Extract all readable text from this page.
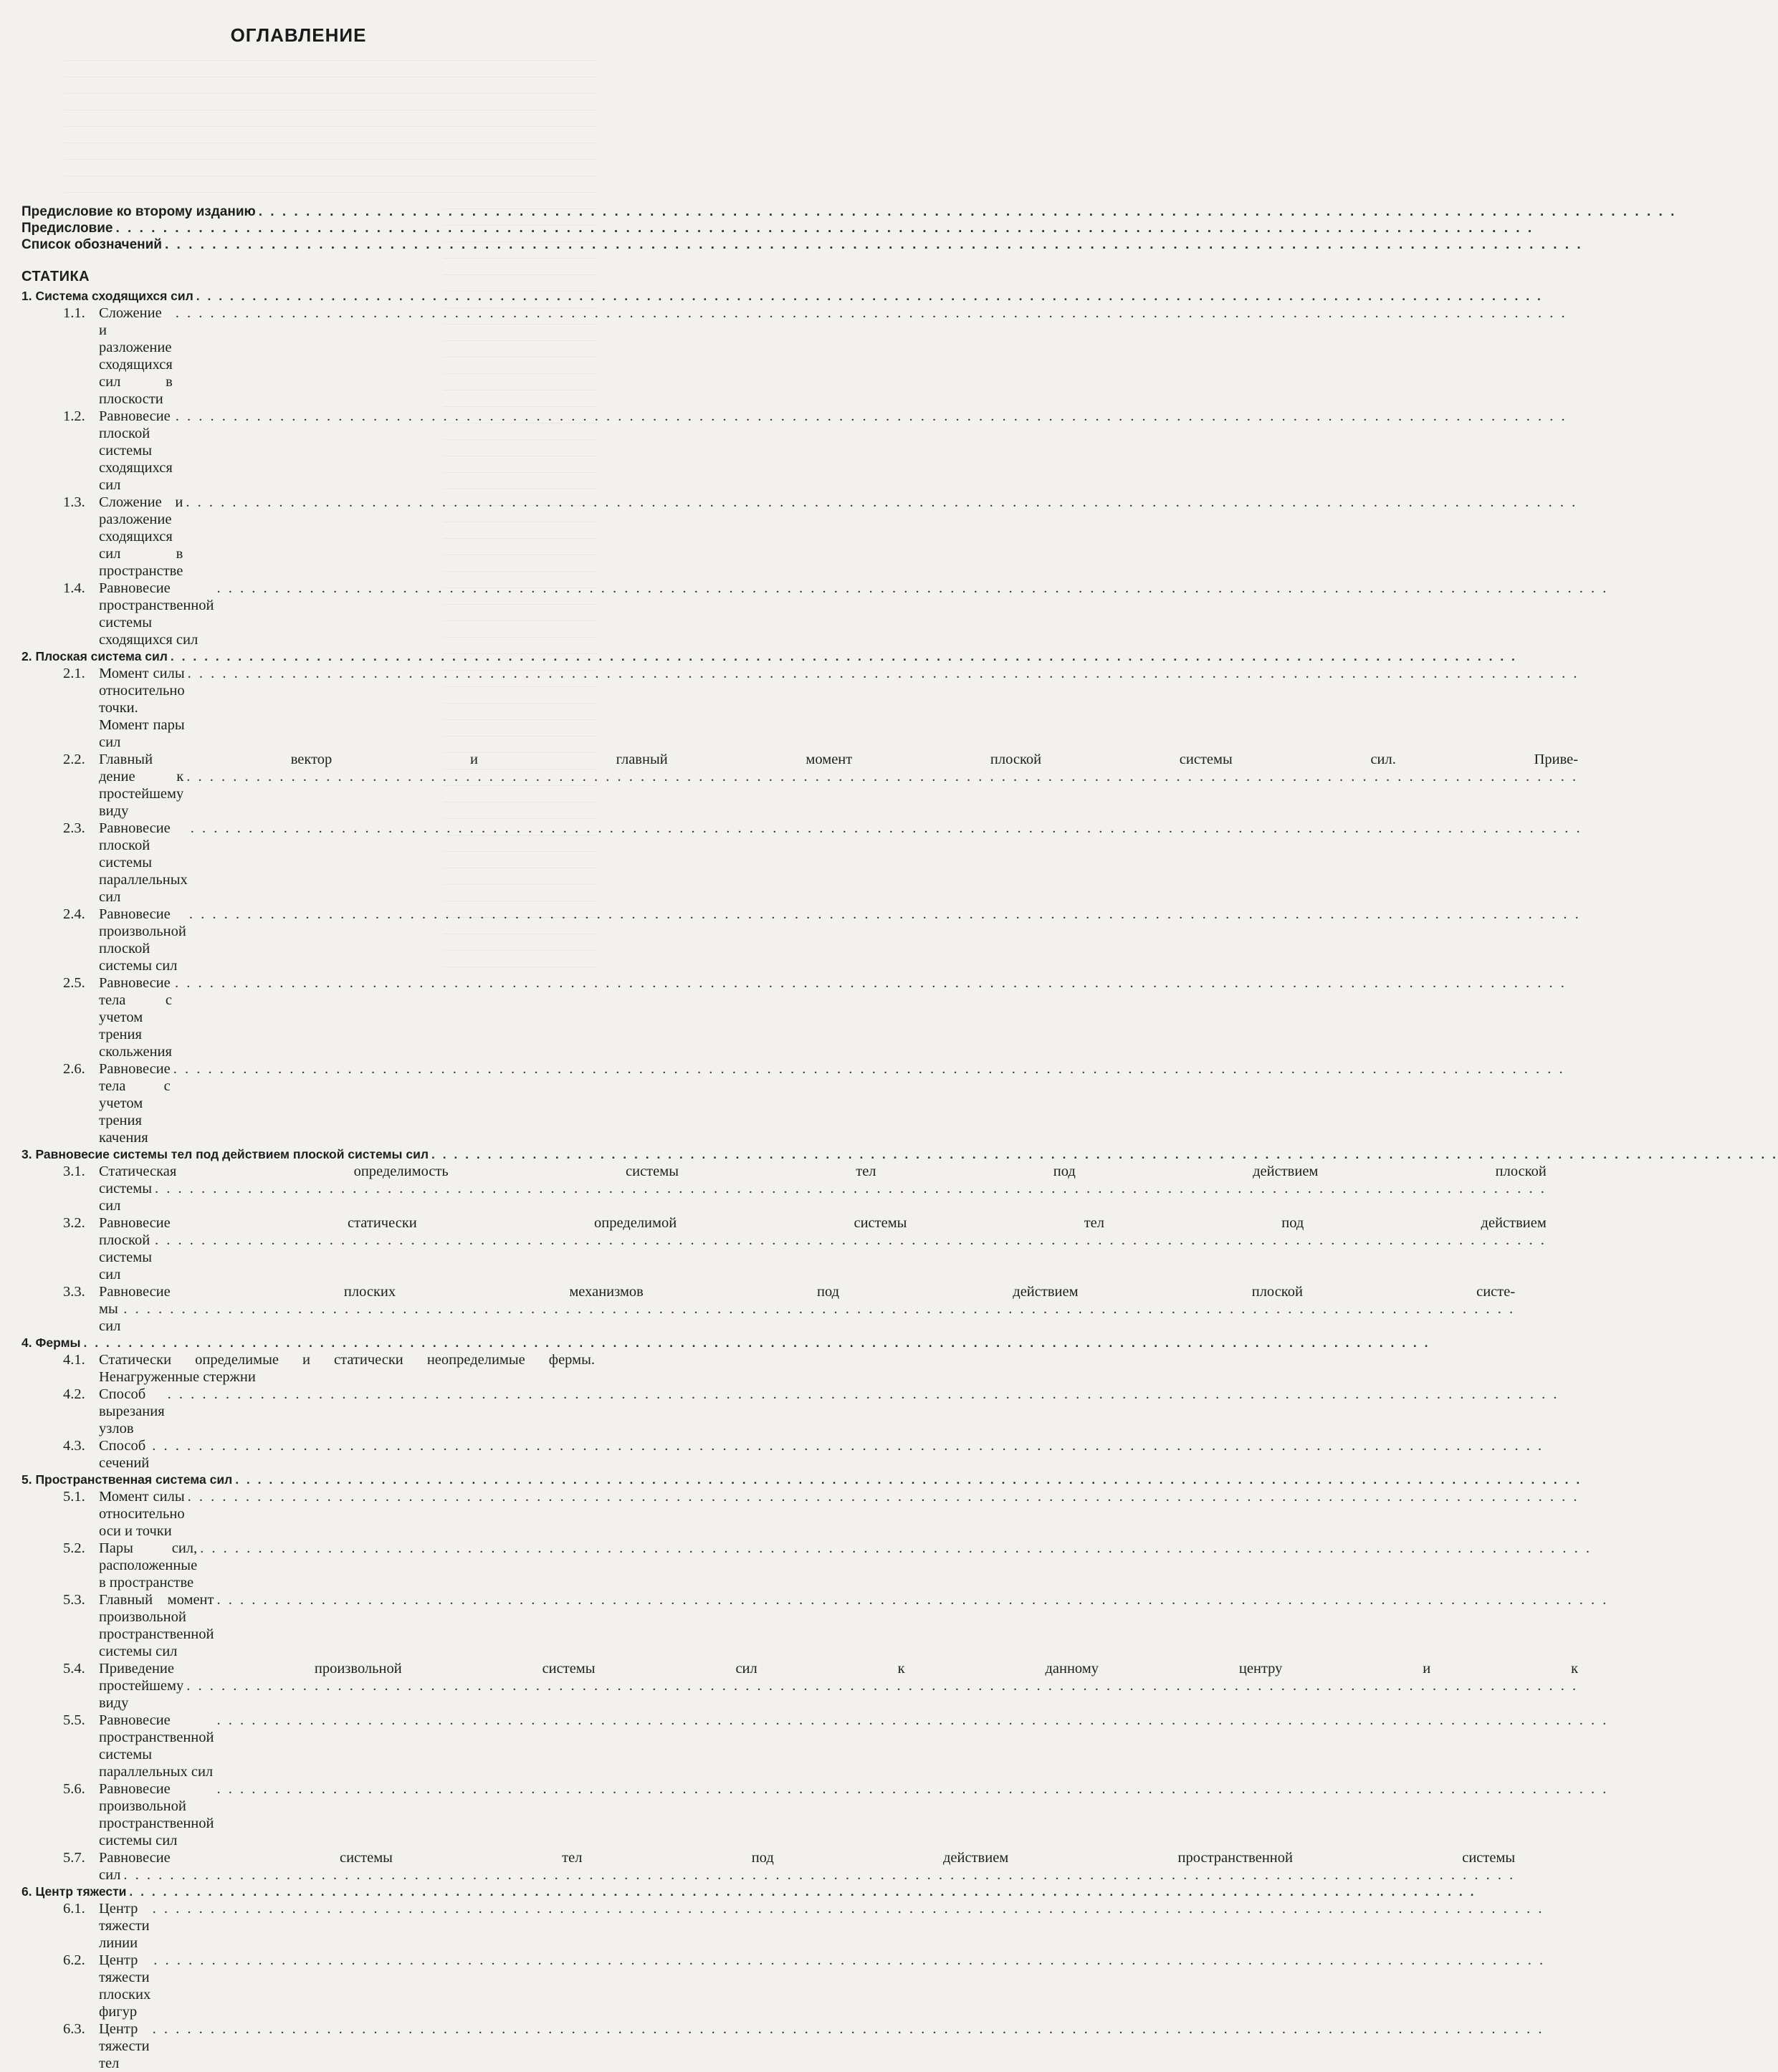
ОГЛАВЛЕНИЕ
Предисловие ко второму изданию . . . . . . . . . . . . . . . . . . . . . . . . . . . . . . . . . . . . . . . . . . . . . . . . . . . . . . . . . . . . . . . . . . . . . . . . . . . . . . . . . . . . . . . . . . . . . . . . . . . . . . . . . . . . . . . . . . . . . . . .
Предисловие . . . . . . . . . . . . . . . . . . . . . . . . . . . . . . . . . . . . . . . . . . . . . . . . . . . . . . . . . . . . . . . . . . . . . . . . . . . . . . . . . . . . . . . . . . . . . . . . . . . . . . . . . . . . . . . . . . . . . . . .
Список обозначений . . . . . . . . . . . . . . . . . . . . . . . . . . . . . . . . . . . . . . . . . . . . . . . . . . . . . . . . . . . . . . . . . . . . . . . . . . . . . . . . . . . . . . . . . . . . . . . . . . . . . . . . . . . . . . . . . . . . . . . .
СТАТИКА
1. Система сходящихся сил . . . . . . . . . . . . . . . . . . . . . . . . . . . . . . . . . . . . . . . . . . . . . . . . . . . . . . . . . . . . . . . . . . . . . . . . . . . . . . . . . . . . . . . . . . . . . . . . . . . . . . . . . . . . . . . . . . . . . . . .
1.1. Сложение и разложение сходящихся сил в плоскости
. . . . . . . . . . . . . . . . . . . . . . . . . . . . . . . . . . . . . . . . . . . . . . . . . . . . . . . . . . . . . . . . . . . . . . . . . . . . . . . . . . . . . . . . . . . . . . . . . . . . . . . . . . . . . . . . . . . . . . . .
1.2. Равновесие плоской системы сходящихся сил
. . . . . . . . . . . . . . . . . . . . . . . . . . . . . . . . . . . . . . . . . . . . . . . . . . . . . . . . . . . . . . . . . . . . . . . . . . . . . . . . . . . . . . . . . . . . . . . . . . . . . . . . . . . . . . . . . . . . . . . .
1.3. Сложение и разложение сходящихся сил в пространстве
. . . . . . . . . . . . . . . . . . . . . . . . . . . . . . . . . . . . . . . . . . . . . . . . . . . . . . . . . . . . . . . . . . . . . . . . . . . . . . . . . . . . . . . . . . . . . . . . . . . . . . . . . . . . . . . . . . . . . . . .
1.4. Равновесие пространственной системы сходящихся сил
. . . . . . . . . . . . . . . . . . . . . . . . . . . . . . . . . . . . . . . . . . . . . . . . . . . . . . . . . . . . . . . . . . . . . . . . . . . . . . . . . . . . . . . . . . . . . . . . . . . . . . . . . . . . . . . . . . . . . . . .
2. Плоская система сил . . . . . . . . . . . . . . . . . . . . . . . . . . . . . . . . . . . . . . . . . . . . . . . . . . . . . . . . . . . . . . . . . . . . . . . . . . . . . . . . . . . . . . . . . . . . . . . . . . . . . . . . . . . . . . . . . . . . . . . .
2.1. Момент силы относительно точки. Момент пары сил
. . . . . . . . . . . . . . . . . . . . . . . . . . . . . . . . . . . . . . . . . . . . . . . . . . . . . . . . . . . . . . . . . . . . . . . . . . . . . . . . . . . . . . . . . . . . . . . . . . . . . . . . . . . . . . . . . . . . . . . .
2.2. Главный вектор и главный момент плоской системы сил. Приве-
дение к простейшему виду
. . . . . . . . . . . . . . . . . . . . . . . . . . . . . . . . . . . . . . . . . . . . . . . . . . . . . . . . . . . . . . . . . . . . . . . . . . . . . . . . . . . . . . . . . . . . . . . . . . . . . . . . . . . . . . . . . . . . . . . .
2.3. Равновесие плоской системы параллельных сил
. . . . . . . . . . . . . . . . . . . . . . . . . . . . . . . . . . . . . . . . . . . . . . . . . . . . . . . . . . . . . . . . . . . . . . . . . . . . . . . . . . . . . . . . . . . . . . . . . . . . . . . . . . . . . . . . . . . . . . . .
2.4. Равновесие произвольной плоской системы сил
. . . . . . . . . . . . . . . . . . . . . . . . . . . . . . . . . . . . . . . . . . . . . . . . . . . . . . . . . . . . . . . . . . . . . . . . . . . . . . . . . . . . . . . . . . . . . . . . . . . . . . . . . . . . . . . . . . . . . . . .
2.5. Равновесие тела с учетом трения скольжения
. . . . . . . . . . . . . . . . . . . . . . . . . . . . . . . . . . . . . . . . . . . . . . . . . . . . . . . . . . . . . . . . . . . . . . . . . . . . . . . . . . . . . . . . . . . . . . . . . . . . . . . . . . . . . . . . . . . . . . . .
2.6. Равновесие тела с учетом трения качения
. . . . . . . . . . . . . . . . . . . . . . . . . . . . . . . . . . . . . . . . . . . . . . . . . . . . . . . . . . . . . . . . . . . . . . . . . . . . . . . . . . . . . . . . . . . . . . . . . . . . . . . . . . . . . . . . . . . . . . . .
3. Равновесие системы тел под действием плоской системы сил . . . . . . . . . . . . . . . . . . . . . . . . . . . . . . . . . . . . . . . . . . . . . . . . . . . . . . . . . . . . . . . . . . . . . . . . . . . . . . . . . . . . . . . . . . . . . . . . . . . . . . . . . . . . . . . . . . . . . . . .
3.1. Статическая определимость системы тел под действием плоской
системы сил
. . . . . . . . . . . . . . . . . . . . . . . . . . . . . . . . . . . . . . . . . . . . . . . . . . . . . . . . . . . . . . . . . . . . . . . . . . . . . . . . . . . . . . . . . . . . . . . . . . . . . . . . . . . . . . . . . . . . . . . .
3.2. Равновесие статически определимой системы тел под действием
плоской системы сил
. . . . . . . . . . . . . . . . . . . . . . . . . . . . . . . . . . . . . . . . . . . . . . . . . . . . . . . . . . . . . . . . . . . . . . . . . . . . . . . . . . . . . . . . . . . . . . . . . . . . . . . . . . . . . . . . . . . . . . . .
3.3. Равновесие плоских механизмов под действием плоской систе-
мы сил
. . . . . . . . . . . . . . . . . . . . . . . . . . . . . . . . . . . . . . . . . . . . . . . . . . . . . . . . . . . . . . . . . . . . . . . . . . . . . . . . . . . . . . . . . . . . . . . . . . . . . . . . . . . . . . . . . . . . . . . .
4. Фермы . . . . . . . . . . . . . . . . . . . . . . . . . . . . . . . . . . . . . . . . . . . . . . . . . . . . . . . . . . . . . . . . . . . . . . . . . . . . . . . . . . . . . . . . . . . . . . . . . . . . . . . . . . . . . . . . . . . . . . . .
4.1. Статически определимые и статически неопределимые фермы.
Ненагруженные стержни
4.2. Способ вырезания узлов
. . . . . . . . . . . . . . . . . . . . . . . . . . . . . . . . . . . . . . . . . . . . . . . . . . . . . . . . . . . . . . . . . . . . . . . . . . . . . . . . . . . . . . . . . . . . . . . . . . . . . . . . . . . . . . . . . . . . . . . .
4.3. Способ сечений
. . . . . . . . . . . . . . . . . . . . . . . . . . . . . . . . . . . . . . . . . . . . . . . . . . . . . . . . . . . . . . . . . . . . . . . . . . . . . . . . . . . . . . . . . . . . . . . . . . . . . . . . . . . . . . . . . . . . . . . .
5. Пространственная система сил . . . . . . . . . . . . . . . . . . . . . . . . . . . . . . . . . . . . . . . . . . . . . . . . . . . . . . . . . . . . . . . . . . . . . . . . . . . . . . . . . . . . . . . . . . . . . . . . . . . . . . . . . . . . . . . . . . . . . . . .
5.1. Момент силы относительно оси и точки
. . . . . . . . . . . . . . . . . . . . . . . . . . . . . . . . . . . . . . . . . . . . . . . . . . . . . . . . . . . . . . . . . . . . . . . . . . . . . . . . . . . . . . . . . . . . . . . . . . . . . . . . . . . . . . . . . . . . . . . .
5.2. Пары сил, расположенные в пространстве
. . . . . . . . . . . . . . . . . . . . . . . . . . . . . . . . . . . . . . . . . . . . . . . . . . . . . . . . . . . . . . . . . . . . . . . . . . . . . . . . . . . . . . . . . . . . . . . . . . . . . . . . . . . . . . . . . . . . . . . .
5.3. Главный момент произвольной пространственной системы сил
. . . . . . . . . . . . . . . . . . . . . . . . . . . . . . . . . . . . . . . . . . . . . . . . . . . . . . . . . . . . . . . . . . . . . . . . . . . . . . . . . . . . . . . . . . . . . . . . . . . . . . . . . . . . . . . . . . . . . . . .
5.4. Приведение произвольной системы сил к данному центру и к
простейшему виду
. . . . . . . . . . . . . . . . . . . . . . . . . . . . . . . . . . . . . . . . . . . . . . . . . . . . . . . . . . . . . . . . . . . . . . . . . . . . . . . . . . . . . . . . . . . . . . . . . . . . . . . . . . . . . . . . . . . . . . . .
5.5. Равновесие пространственной системы параллельных сил
. . . . . . . . . . . . . . . . . . . . . . . . . . . . . . . . . . . . . . . . . . . . . . . . . . . . . . . . . . . . . . . . . . . . . . . . . . . . . . . . . . . . . . . . . . . . . . . . . . . . . . . . . . . . . . . . . . . . . . . .
5.6. Равновесие произвольной пространственной системы сил
. . . . . . . . . . . . . . . . . . . . . . . . . . . . . . . . . . . . . . . . . . . . . . . . . . . . . . . . . . . . . . . . . . . . . . . . . . . . . . . . . . . . . . . . . . . . . . . . . . . . . . . . . . . . . . . . . . . . . . . .
5.7. Равновесие системы тел под действием пространственной системы
сил . . . . . . . . . . . . . . . . . . . . . . . . . . . . . . . . . . . . . . . . . . . . . . . . . . . . . . . . . . . . . . . . . . . . . . . . . . . . . . . . . . . . . . . . . . . . . . . . . . . . . . . . . . . . . . . . . . . . . . . .
6. Центр тяжести . . . . . . . . . . . . . . . . . . . . . . . . . . . . . . . . . . . . . . . . . . . . . . . . . . . . . . . . . . . . . . . . . . . . . . . . . . . . . . . . . . . . . . . . . . . . . . . . . . . . . . . . . . . . . . . . . . . . . . . .
6.1. Центр тяжести линии
. . . . . . . . . . . . . . . . . . . . . . . . . . . . . . . . . . . . . . . . . . . . . . . . . . . . . . . . . . . . . . . . . . . . . . . . . . . . . . . . . . . . . . . . . . . . . . . . . . . . . . . . . . . . . . . . . . . . . . . .
6.2. Центр тяжести плоских фигур
. . . . . . . . . . . . . . . . . . . . . . . . . . . . . . . . . . . . . . . . . . . . . . . . . . . . . . . . . . . . . . . . . . . . . . . . . . . . . . . . . . . . . . . . . . . . . . . . . . . . . . . . . . . . . . . . . . . . . . . .
6.3. Центр тяжести тел
. . . . . . . . . . . . . . . . . . . . . . . . . . . . . . . . . . . . . . . . . . . . . . . . . . . . . . . . . . . . . . . . . . . . . . . . . . . . . . . . . . . . . . . . . . . . . . . . . . . . . . . . . . . . . . . . . . . . . . . .
